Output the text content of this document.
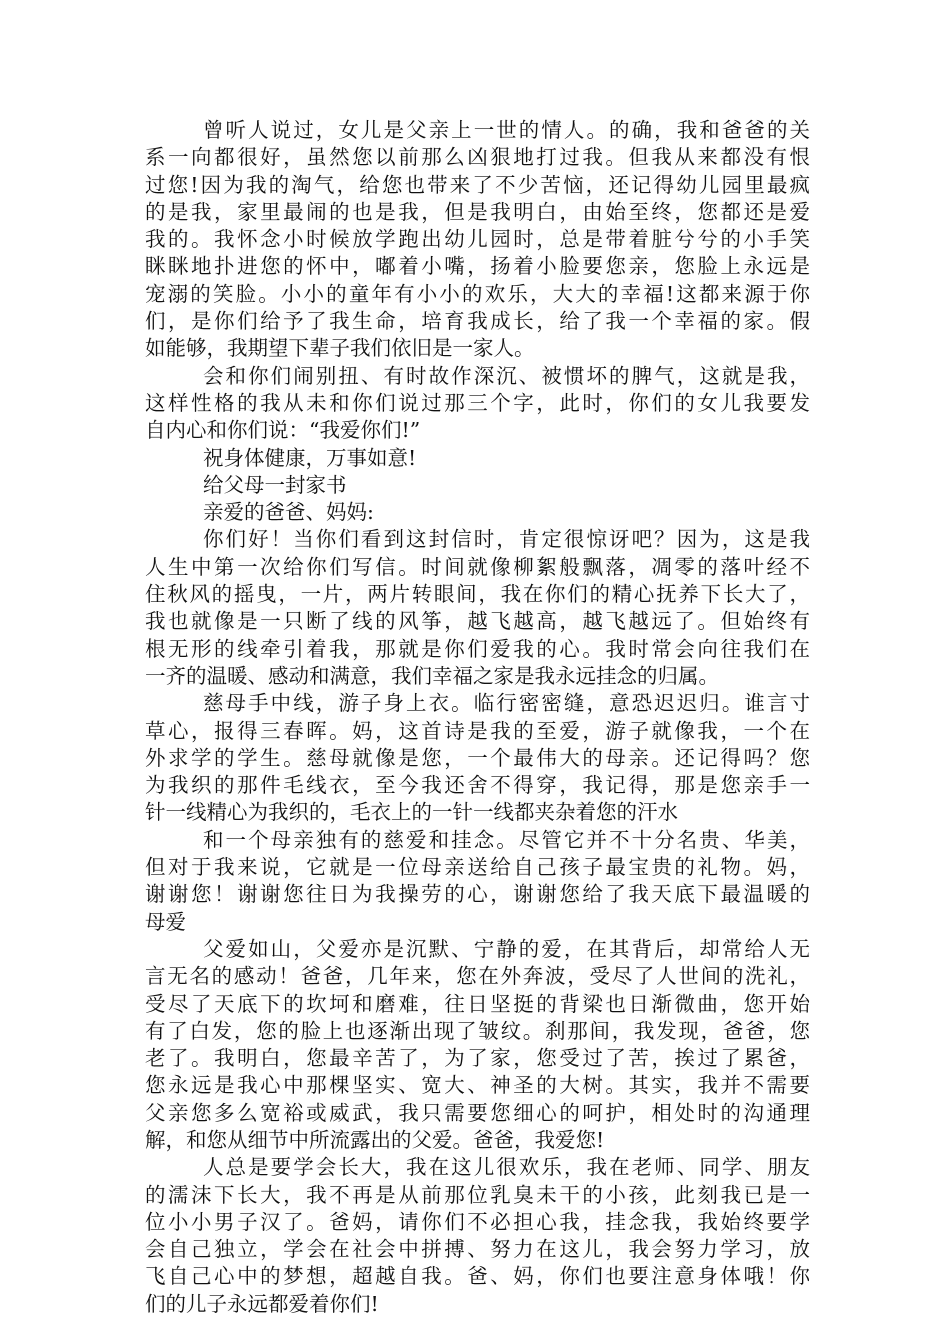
曾听人说过，女儿是父亲上一世的情人。的确，我和爸爸的关
系一向都很好，虽然您以前那么凶狠地打过我。但我从来都没有恨
过您!因为我的淘气，给您也带来了不少苦恼，还记得幼儿园里最疯
的是我，家里最闹的也是我，但是我明白，由始至终，您都还是爱
我的。我怀念小时候放学跑出幼儿园时，总是带着脏兮兮的小手笑
眯眯地扑进您的怀中，嘟着小嘴，扬着小脸要您亲，您脸上永远是
宠溺的笑脸。小小的童年有小小的欢乐，大大的幸福!这都来源于你
们，是你们给予了我生命，培育我成长，给了我一个幸福的家。假
如能够，我期望下辈子我们依旧是一家人。
会和你们闹别扭、有时故作深沉、被惯坏的脾气，这就是我，
这样性格的我从未和你们说过那三个字，此时，你们的女儿我要发
自内心和你们说：“我爱你们!”
祝身体健康，万事如意!
给父母一封家书
亲爱的爸爸、妈妈:
你们好！当你们看到这封信时，肯定很惊讶吧？因为，这是我
人生中第一次给你们写信。时间就像柳絮般飘落，凋零的落叶经不
住秋风的摇曳，一片，两片转眼间，我在你们的精心抚养下长大了，
我也就像是一只断了线的风筝，越飞越高，越飞越远了。但始终有
根无形的线牵引着我，那就是你们爱我的心。我时常会向往我们在
一齐的温暖、感动和满意，我们幸福之家是我永远挂念的归属。
慈母手中线，游子身上衣。临行密密缝，意恐迟迟归。谁言寸
草心，报得三春晖。妈，这首诗是我的至爱，游子就像我，一个在
外求学的学生。慈母就像是您，一个最伟大的母亲。还记得吗？您
为我织的那件毛线衣，至今我还舍不得穿，我记得，那是您亲手一
针一线精心为我织的，毛衣上的一针一线都夹杂着您的汗水
和一个母亲独有的慈爱和挂念。尽管它并不十分名贵、华美，
但对于我来说，它就是一位母亲送给自己孩子最宝贵的礼物。妈，
谢谢您！谢谢您往日为我操劳的心，谢谢您给了我天底下最温暖的
母爱
父爱如山，父爱亦是沉默、宁静的爱，在其背后，却常给人无
言无名的感动！爸爸，几年来，您在外奔波，受尽了人世间的洗礼，
受尽了天底下的坎坷和磨难，往日坚挺的背梁也日渐微曲，您开始
有了白发，您的脸上也逐渐出现了皱纹。刹那间，我发现，爸爸，您
老了。我明白，您最辛苦了，为了家，您受过了苦，挨过了累爸，
您永远是我心中那棵坚实、宽大、神圣的大树。其实，我并不需要
父亲您多么宽裕或威武，我只需要您细心的呵护，相处时的沟通理
解，和您从细节中所流露出的父爱。爸爸，我爱您!
人总是要学会长大，我在这儿很欢乐，我在老师、同学、朋友
的濡沫下长大，我不再是从前那位乳臭未干的小孩，此刻我已是一
位小小男子汉了。爸妈，请你们不必担心我，挂念我，我始终要学
会自己独立，学会在社会中拼搏、努力在这儿，我会努力学习，放
飞自己心中的梦想，超越自我。爸、妈，你们也要注意身体哦！你
们的儿子永远都爱着你们!
